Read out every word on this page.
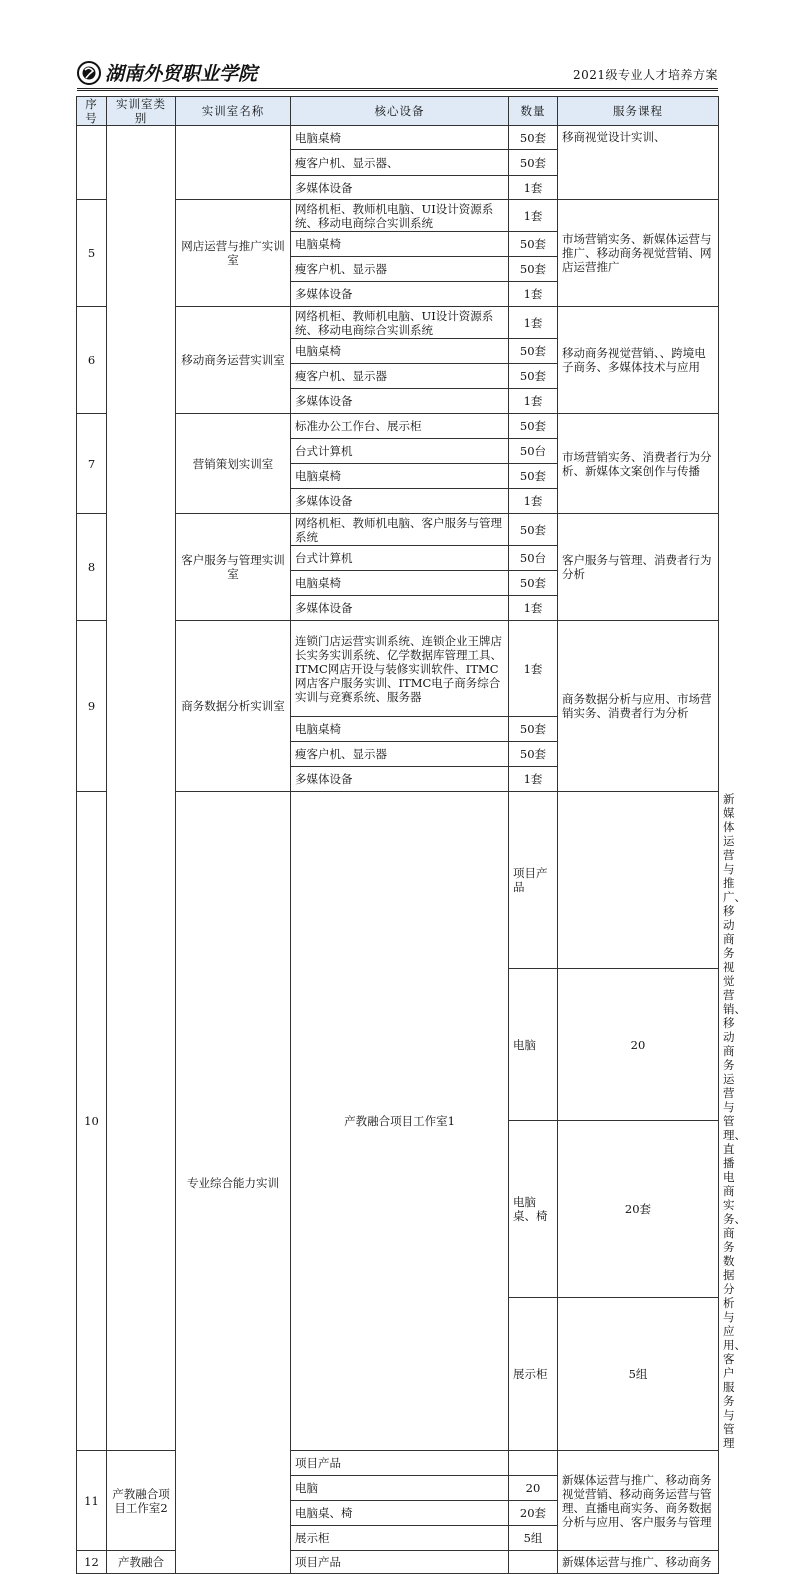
湖南外贸职业学院	2021级专业人才培养方案
序号	实训室类别	实训室名称	核心设备	数量	服务课程	
			电脑桌椅	50套	移商视觉设计实训、	
			瘦客户机、显示器、	50套		
			多媒体设备	1套		
5		网店运营与推广实训室	网络机柜、教师机电脑、UI设计资源系统、移动电商综合实训系统	1套	市场营销实务、新媒体运营与推广、移动商务视觉营销、网店运营推广	
			电脑桌椅	50套		
			瘦客户机、显示器	50套		
			多媒体设备	1套		
6		移动商务运营实训室	网络机柜、教师机电脑、UI设计资源系统、移动电商综合实训系统	1套	移动商务视觉营销、、跨境电子商务、多媒体技术与应用	
			电脑桌椅	50套		
			瘦客户机、显示器	50套		
			多媒体设备	1套		
7		营销策划实训室	标准办公工作台、展示柜	50套	市场营销实务、消费者行为分析、新媒体文案创作与传播	
			台式计算机	50台		
			电脑桌椅	50套		
			多媒体设备	1套		
8		客户服务与管理实训室	网络机柜、教师机电脑、客户服务与管理系统	50套	客户服务与管理、消费者行为分析	
			台式计算机	50台		
			电脑桌椅	50套		
			多媒体设备	1套		
9		商务数据分析实训室	连锁门店运营实训系统、连锁企业王牌店长实务实训系统、亿学数据库管理工具、ITMC网店开设与装修实训软件、ITMC网店客户服务实训、ITMC电子商务综合实训与竞赛系统、服务器	1套	商务数据分析与应用、市场营销实务、消费者行为分析	
			电脑桌椅	50套		
			瘦客户机、显示器	50套		
			多媒体设备	1套		
10		专业综合能力实训	产教融合项目工作室1	项目产品		新媒体运营与推广、移动商务视觉营销、移动商务运营与管理、直播电商实务、商务数据分析与应用、客户服务与管理
				电脑	20	
				电脑桌、椅	20套	
				展示柜	5组	
11	产教融合项目工作室2		项目产品		新媒体运营与推广、移动商务视觉营销、移动商务运营与管理、直播电商实务、商务数据分析与应用、客户服务与管理	
			电脑	20		
			电脑桌、椅	20套		
			展示柜	5组		
12	产教融合		项目产品		新媒体运营与推广、移动商务	
